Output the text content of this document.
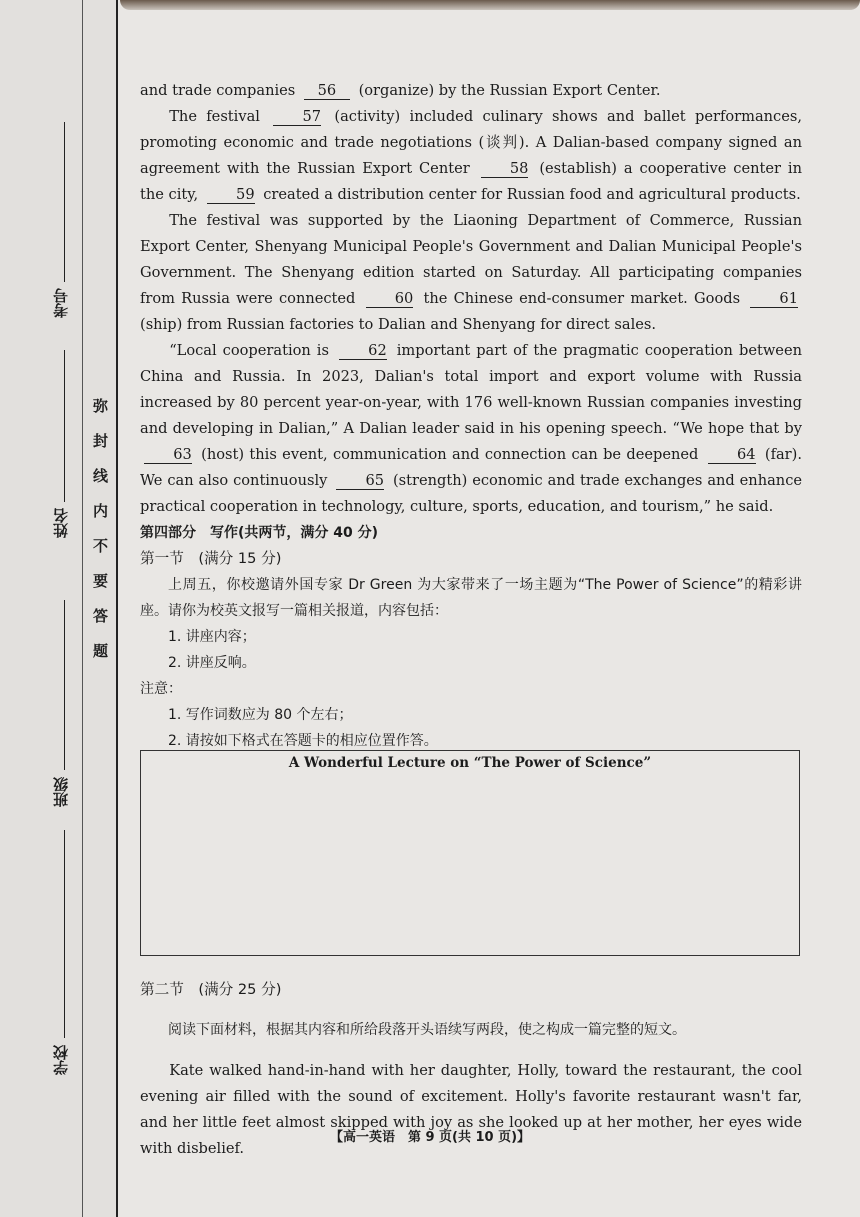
考号
姓名
班级
学校
弥封线内不要答题

and trade companies 56 (organize) by the Russian Export Center.

The festival	57 (activity) included culinary shows and ballet performances, promoting economic and trade negotiations (谈判). A Dalian-based company signed an agreement with the Russian Export Center	58 (establish) a cooperative center in the city,	59 created a distribution center for Russian food and agricultural products.

The festival was supported by the Liaoning Department of Commerce, Russian Export Center, Shenyang Municipal People's Government and Dalian Municipal People's Government. The Shenyang edition started on Saturday. All participating companies from Russia were connected	60 the Chinese end-consumer market. Goods	61 (ship) from Russian factories to Dalian and Shenyang for direct sales.

“Local cooperation is	62 important part of the pragmatic cooperation between China and Russia. In 2023, Dalian's total import and export volume with Russia increased by 80 percent year-on-year, with 176 well-known Russian companies investing and developing in Dalian,” A Dalian leader said in his opening speech. “We hope that by 63 (host) this event, communication and connection can be deepened	64 (far). We can also continuously	65 (strength) economic and trade exchanges and enhance practical cooperation in technology, culture, sports, education, and tourism,” he said.

第四部分　写作(共两节，满分 40 分)

第一节　(满分 15 分)

上周五，你校邀请外国专家 Dr Green 为大家带来了一场主题为“The Power of Science”的精彩讲座。请你为校英文报写一篇相关报道，内容包括：

1. 讲座内容；

2. 讲座反响。

注意：

1. 写作词数应为 80 个左右；

2. 请按如下格式在答题卡的相应位置作答。

A Wonderful Lecture on “The Power of Science”

第二节　(满分 25 分)

阅读下面材料，根据其内容和所给段落开头语续写两段，使之构成一篇完整的短文。

Kate walked hand-in-hand with her daughter, Holly, toward the restaurant, the cool evening air filled with the sound of excitement. Holly's favorite restaurant wasn't far, and her little feet almost skipped with joy as she looked up at her mother, her eyes wide with disbelief.

【高一英语　第 9 页(共 10 页)】
